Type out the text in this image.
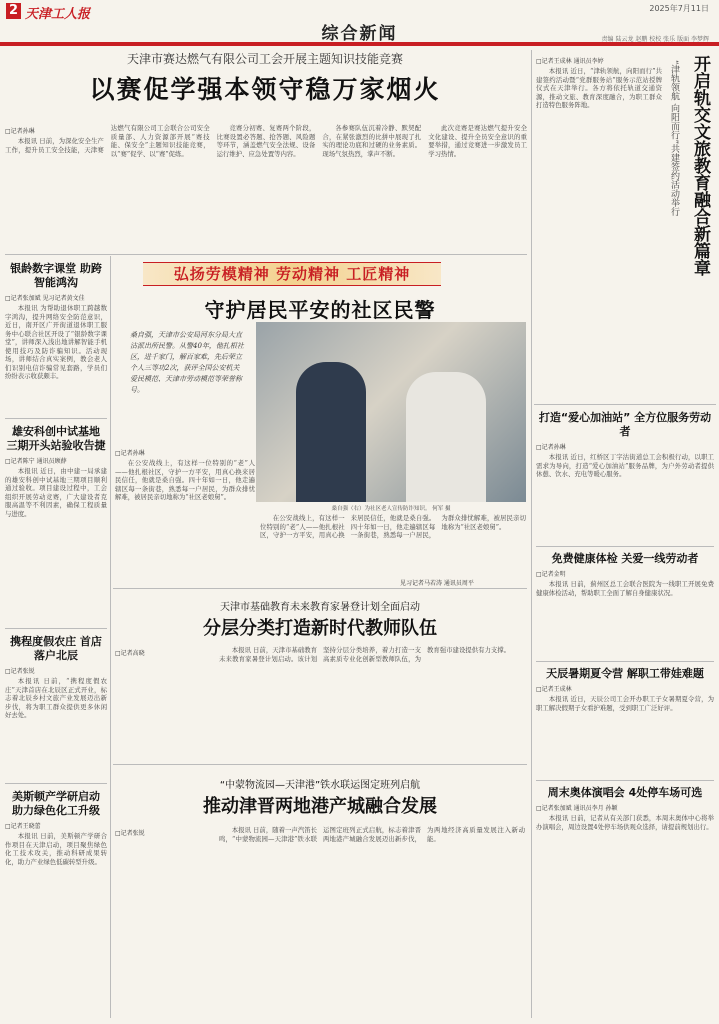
2 天津工人报	2025年7月11日
综合新闻	责编 陆云龙 赵鹏 校校 张乐 版面 李梦辉
天津市赛达燃气有限公司工会开展主题知识技能竞赛
以赛促学强本领守稳万家烟火
□记者孙琳

本报讯 日前，为深化安全生产工作，提升员工安全技能，天津赛达燃气有限公司工会联合公司安全质量部、人力资源部开展“赛技能、保安全”主题知识技能竞赛，以“赛”促学、以“赛”促练。

竞赛分初赛、复赛两个阶段，比赛设置必答题、抢答题、风险题等环节，涵盖燃气安全法规、设备运行维护、应急处置等内容。

各参赛队伍沉着冷静、默契配合，在紧张激烈的比拼中展现了扎实的理论功底和过硬的业务素质。现场气氛热烈，掌声不断。

此次竞赛是赛达燃气提升安全文化建设、提升全员安全意识的重要举措，通过竞赛进一步激发员工学习热情。

银龄数字课堂 助跨智能鸿沟
□记者张加斌 见习记者黄文佳

本报讯 为帮助退休职工跨越数字鸿沟，提升网络安全防范意识，近日，南开区广开街道退休职工服务中心联合社区开设了“银龄数字课堂”，讲师深入浅出地讲解智能手机使用技巧及防诈骗知识。活动现场，讲师结合真实案例，教会老人们识别电信诈骗常见套路，学员们纷纷表示收获颇丰。

雄安科创中试基地 三期开头站验收告捷
□记者陈宁 通讯员顾薛

本报讯 近日，由中建一局承建的雄安科创中试基地三期项目顺利通过验收。项目建设过程中，工会组织开展劳动竞赛，广大建设者克服高温等不利因素，确保工程质量与进度。

携程度假农庄 首店落户北辰
□记者张锐

本报讯 日前，“携程度假农庄”天津首店在北辰区正式开业，标志着北辰乡村文旅产业发展迈出新步伐，将为职工群众提供更多休闲好去处。

美斯顿产学研启动 助力绿色化工升级
□记者王晓蕾

本报讯 日前，美斯顿产学研合作项目在天津启动，项目聚焦绿色化工技术攻关，推动科研成果转化，助力产业绿色低碳转型升级。

弘扬劳模精神 劳动精神 工匠精神
守护居民平安的社区民警
桑自强，天津市公安局河东分局大直沽派出所民警。从警40年，他扎根社区，进千家门，解百家难，先后荣立个人三等功2次，获评全国公安机关爱民模范、天津市劳动模范等荣誉称号。
桑自强（右）为社区老人宣传防诈知识。 何军 摄
□记者孙琳

在公安战线上，有这样一位特别的“老”人——他扎根社区，守护一方平安，用真心换来居民信任，他就是桑自强。四十年如一日，他走遍辖区每一条街巷，熟悉每一户居民，为群众排忧解难，被居民亲切地称为“社区老娘舅”。

在公安战线上，有这样一位特别的“老”人——他扎根社区，守护一方平安，用真心换来居民信任，他就是桑自强。四十年如一日，他走遍辖区每一条街巷，熟悉每一户居民，为群众排忧解难，被居民亲切地称为“社区老娘舅”。

见习记者马若涛 通讯员周平
天津市基础教育未来教育家暑登计划全面启动
分层分类打造新时代教师队伍
□记者高晓	本报讯 日前，天津市基础教育未来教育家暑登计划启动。该计划坚持分层分类培养，着力打造一支高素质专业化创新型教师队伍，为教育强市建设提供有力支撑。

“中蒙物流园—天津港”铁水联运图定班列启航
推动津晋两地港产城融合发展
□记者张锐	本报讯 日前，随着一声汽笛长鸣，“中蒙物流园—天津港”铁水联运图定班列正式启航，标志着津晋两地港产城融合发展迈出新步伐，为两地经济高质量发展注入新动能。

开启轨交文旅教育融合新篇章
“津轨领航 向阳而行”共建签约活动举行
□记者王成林 通讯员李婷

本报讯 近日，“津轨领航，向阳而行”共建签约活动暨“党群服务站”服务示范站授牌仪式在天津举行。各方将依托轨道交通资源，推动文旅、教育深度融合，为职工群众打造特色服务阵地。

打造“爱心加油站” 全方位服务劳动者
□记者孙琳

本报讯 近日，红桥区丁字沽街道总工会积极行动，以职工需求为导向，打造“爱心加油站”服务品牌，为户外劳动者提供休憩、饮水、充电等暖心服务。

免费健康体检 关爱一线劳动者
□记者金明

本报讯 日前，蓟州区总工会联合医院为一线职工开展免费健康体检活动，帮助职工全面了解自身健康状况。

天辰暑期夏令营 解职工带娃难题
□记者王成林

本报讯 近日，天辰公司工会开办职工子女暑期夏令营，为职工解决假期子女看护难题，受到职工广泛好评。

周末奥体演唱会 4处停车场可选
□记者张加斌 通讯员李月 孙颖

本报讯 日前，记者从有关部门获悉，本周末奥体中心将举办演唱会，周边设置4处停车场供观众选择，请提前规划出行。
